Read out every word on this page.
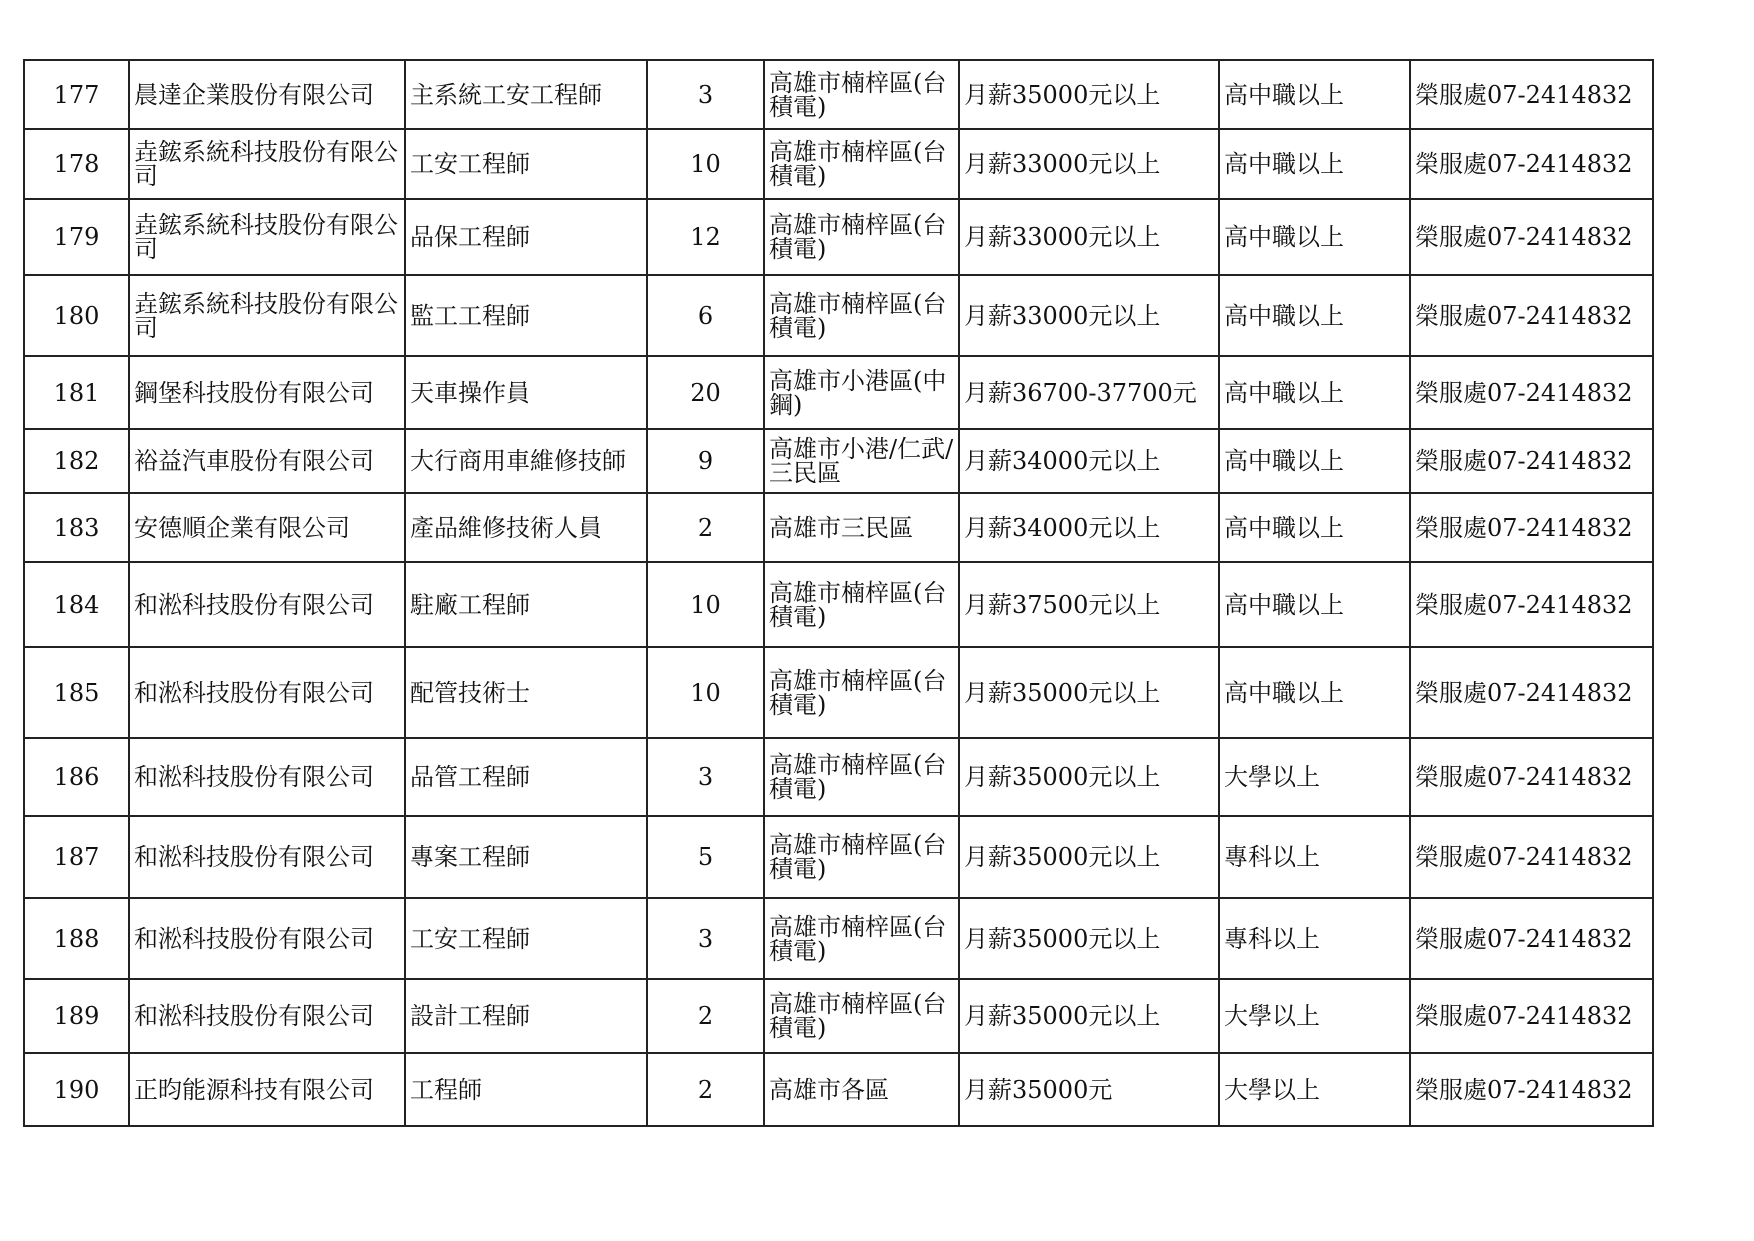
177	晨達企業股份有限公司	主系統工安工程師	3	高雄市楠梓區(台積電)	月薪35000元以上	高中職以上	榮服處07-2414832
178	垚鋐系統科技股份有限公司	工安工程師	10	高雄市楠梓區(台積電)	月薪33000元以上	高中職以上	榮服處07-2414832
179	垚鋐系統科技股份有限公司	品保工程師	12	高雄市楠梓區(台積電)	月薪33000元以上	高中職以上	榮服處07-2414832
180	垚鋐系統科技股份有限公司	監工工程師	6	高雄市楠梓區(台積電)	月薪33000元以上	高中職以上	榮服處07-2414832
181	鋼堡科技股份有限公司	天車操作員	20	高雄市小港區(中鋼)	月薪36700-37700元	高中職以上	榮服處07-2414832
182	裕益汽車股份有限公司	大行商用車維修技師	9	高雄市小港/仁武/三民區	月薪34000元以上	高中職以上	榮服處07-2414832
183	安德順企業有限公司	產品維修技術人員	2	高雄市三民區	月薪34000元以上	高中職以上	榮服處07-2414832
184	和淞科技股份有限公司	駐廠工程師	10	高雄市楠梓區(台積電)	月薪37500元以上	高中職以上	榮服處07-2414832
185	和淞科技股份有限公司	配管技術士	10	高雄市楠梓區(台積電)	月薪35000元以上	高中職以上	榮服處07-2414832
186	和淞科技股份有限公司	品管工程師	3	高雄市楠梓區(台積電)	月薪35000元以上	大學以上	榮服處07-2414832
187	和淞科技股份有限公司	專案工程師	5	高雄市楠梓區(台積電)	月薪35000元以上	專科以上	榮服處07-2414832
188	和淞科技股份有限公司	工安工程師	3	高雄市楠梓區(台積電)	月薪35000元以上	專科以上	榮服處07-2414832
189	和淞科技股份有限公司	設計工程師	2	高雄市楠梓區(台積電)	月薪35000元以上	大學以上	榮服處07-2414832
190	正昀能源科技有限公司	工程師	2	高雄市各區	月薪35000元	大學以上	榮服處07-2414832
